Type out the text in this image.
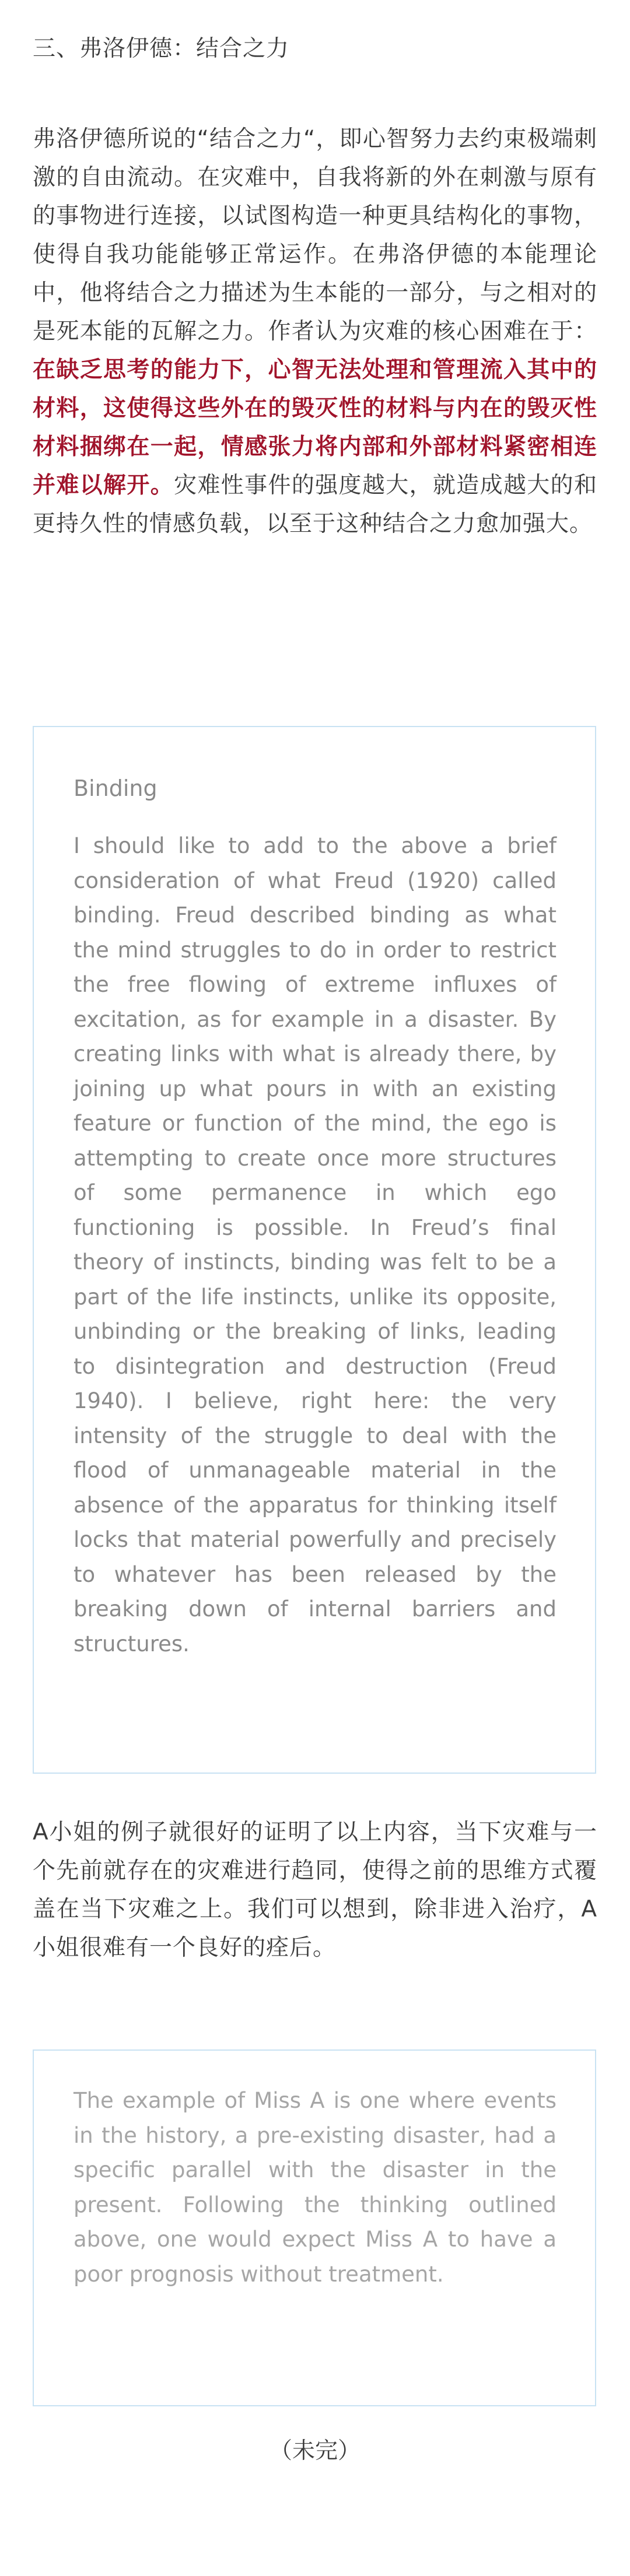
三、弗洛伊德：结合之力

弗洛伊德所说的“结合之力“，即心智努力去约束极端刺激的自由流动。在灾难中，自我将新的外在刺激与原有的事物进行连接，以试图构造一种更具结构化的事物，使得自我功能能够正常运作。在弗洛伊德的本能理论中，他将结合之力描述为生本能的一部分，与之相对的是死本能的瓦解之力。作者认为灾难的核心困难在于：在缺乏思考的能力下，心智无法处理和管理流入其中的材料，这使得这些外在的毁灭性的材料与内在的毁灭性材料捆绑在一起，情感张力将内部和外部材料紧密相连并难以解开。灾难性事件的强度越大，就造成越大的和更持久性的情感负载，以至于这种结合之力愈加强大。

Binding

I should like to add to the above a brief consideration of what Freud (1920) called binding. Freud described binding as what the mind struggles to do in order to restrict the free flowing of extreme influxes of excitation, as for example in a disaster. By creating links with what is already there, by joining up what pours in with an existing feature or function of the mind, the ego is attempting to create once more structures of some permanence in which ego functioning is possible. In Freud’s final theory of instincts, binding was felt to be a part of the life instincts, unlike its opposite, unbinding or the breaking of links, leading to disintegration and destruction (Freud 1940). I believe, right here: the very intensity of the struggle to deal with the flood of unmanageable material in the absence of the apparatus for thinking itself locks that material powerfully and precisely to whatever has been released by the breaking down of internal barriers and structures.

A小姐的例子就很好的证明了以上内容，当下灾难与一个先前就存在的灾难进行趋同，使得之前的思维方式覆盖在当下灾难之上。我们可以想到，除非进入治疗，A小姐很难有一个良好的痊后。

The example of Miss A is one where events in the history, a pre-existing disaster, had a specific parallel with the disaster in the present. Following the thinking outlined above, one would expect Miss A to have a poor prognosis without treatment.

（未完）
